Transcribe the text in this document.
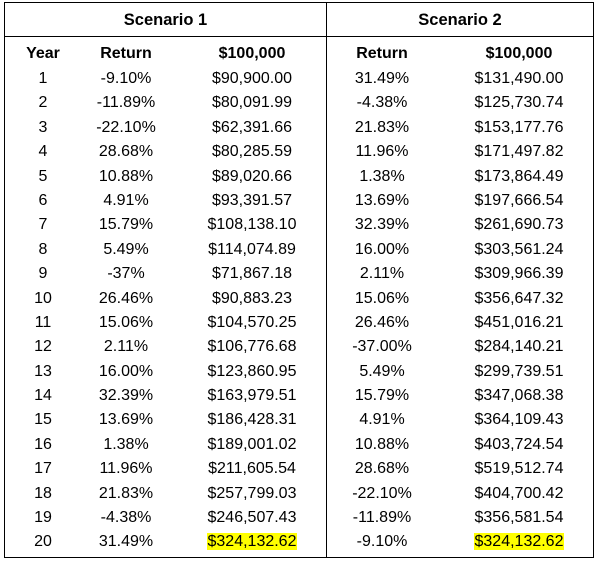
Scenario 1	Scenario 2
Year	Return	$100,000	Return	$100,000
1	-9.10%	$90,900.00	31.49%	$131,490.00
2	-11.89%	$80,091.99	-4.38%	$125,730.74
3	-22.10%	$62,391.66	21.83%	$153,177.76
4	28.68%	$80,285.59	11.96%	$171,497.82
5	10.88%	$89,020.66	1.38%	$173,864.49
6	4.91%	$93,391.57	13.69%	$197,666.54
7	15.79%	$108,138.10	32.39%	$261,690.73
8	5.49%	$114,074.89	16.00%	$303,561.24
9	-37%	$71,867.18	2.11%	$309,966.39
10	26.46%	$90,883.23	15.06%	$356,647.32
11	15.06%	$104,570.25	26.46%	$451,016.21
12	2.11%	$106,776.68	-37.00%	$284,140.21
13	16.00%	$123,860.95	5.49%	$299,739.51
14	32.39%	$163,979.51	15.79%	$347,068.38
15	13.69%	$186,428.31	4.91%	$364,109.43
16	1.38%	$189,001.02	10.88%	$403,724.54
17	11.96%	$211,605.54	28.68%	$519,512.74
18	21.83%	$257,799.03	-22.10%	$404,700.42
19	-4.38%	$246,507.43	-11.89%	$356,581.54
20	31.49%	$324,132.62	-9.10%	$324,132.62
